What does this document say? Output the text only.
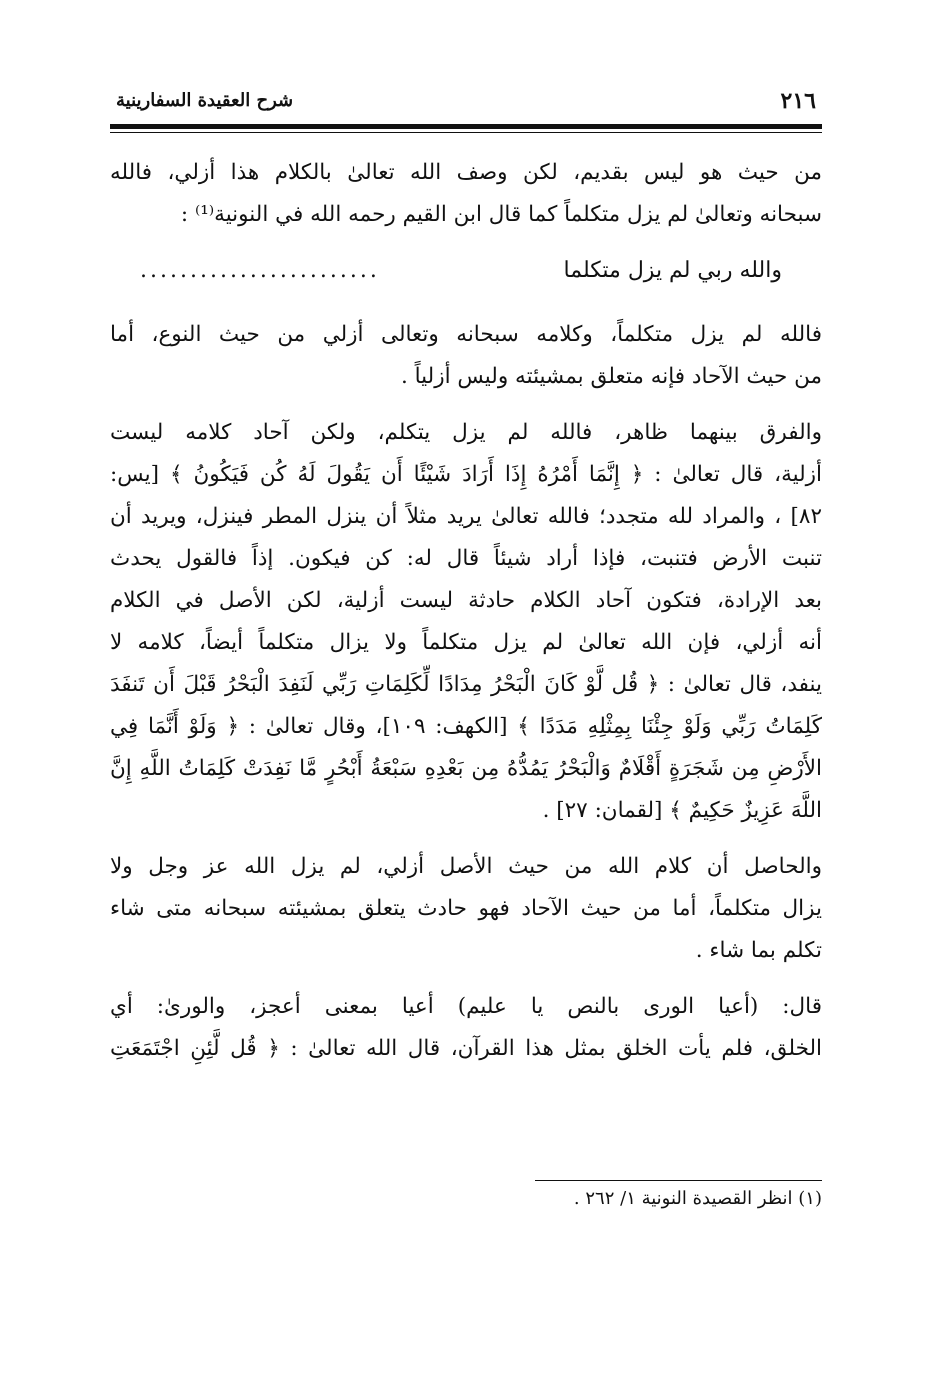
٢١٦
شرح العقيدة السفارينية
من حيث هو ليس بقديم، لكن وصف الله تعالىٰ بالكلام هذا أزلي، فالله
سبحانه وتعالىٰ لم يزل متكلماً كما قال ابن القيم رحمه الله في النونية⁽¹⁾ :
والله ربي لم يزل متكلما
........................
فالله لم يزل متكلماً، وكلامه سبحانه وتعالى أزلي من حيث النوع، أما
من حيث الآحاد فإنه متعلق بمشيئته وليس أزلياً .
والفرق بينهما ظاهر، فالله لم يزل يتكلم، ولكن آحاد كلامه ليست
أزلية، قال تعالىٰ : ﴿ إِنَّمَا أَمْرُهُ إِذَا أَرَادَ شَيْئًا أَن يَقُولَ لَهُ كُن فَيَكُونُ ﴾ [يس:
٨٢] ، والمراد لله متجدد؛ فالله تعالىٰ يريد مثلاً أن ينزل المطر فينزل، ويريد أن
تنبت الأرض فتنبت، فإذا أراد شيئاً قال له: كن فيكون. إذاً فالقول يحدث
بعد الإرادة، فتكون آحاد الكلام حادثة ليست أزلية، لكن الأصل في الكلام
أنه أزلي، فإن الله تعالىٰ لم يزل متكلماً ولا يزال متكلماً أيضاً، كلامه لا
ينفد، قال تعالىٰ : ﴿ قُل لَّوْ كَانَ الْبَحْرُ مِدَادًا لِّكَلِمَاتِ رَبِّي لَنَفِدَ الْبَحْرُ قَبْلَ أَن تَنفَدَ
كَلِمَاتُ رَبِّي وَلَوْ جِئْنَا بِمِثْلِهِ مَدَدًا ﴾ [الكهف: ١٠٩]، وقال تعالىٰ : ﴿ وَلَوْ أَنَّمَا فِي
الأَرْضِ مِن شَجَرَةٍ أَقْلَامٌ وَالْبَحْرُ يَمُدُّهُ مِن بَعْدِهِ سَبْعَةُ أَبْحُرٍ مَّا نَفِدَتْ كَلِمَاتُ اللَّهِ إِنَّ
اللَّهَ عَزِيزٌ حَكِيمٌ ﴾ [لقمان: ٢٧] .
والحاصل أن كلام الله من حيث الأصل أزلي، لم يزل الله عز وجل ولا
يزال متكلماً، أما من حيث الآحاد فهو حادث يتعلق بمشيئته سبحانه متى شاء
تكلم بما شاء .
قال: (أعيا الورى بالنص يا عليم) أعيا بمعنى أعجز، والورىٰ: أي
الخلق، فلم يأت الخلق بمثل هذا القرآن، قال الله تعالىٰ : ﴿ قُل لَّئِنِ اجْتَمَعَتِ
(١) انظر القصيدة النونية ١/ ٢٦٢ .
